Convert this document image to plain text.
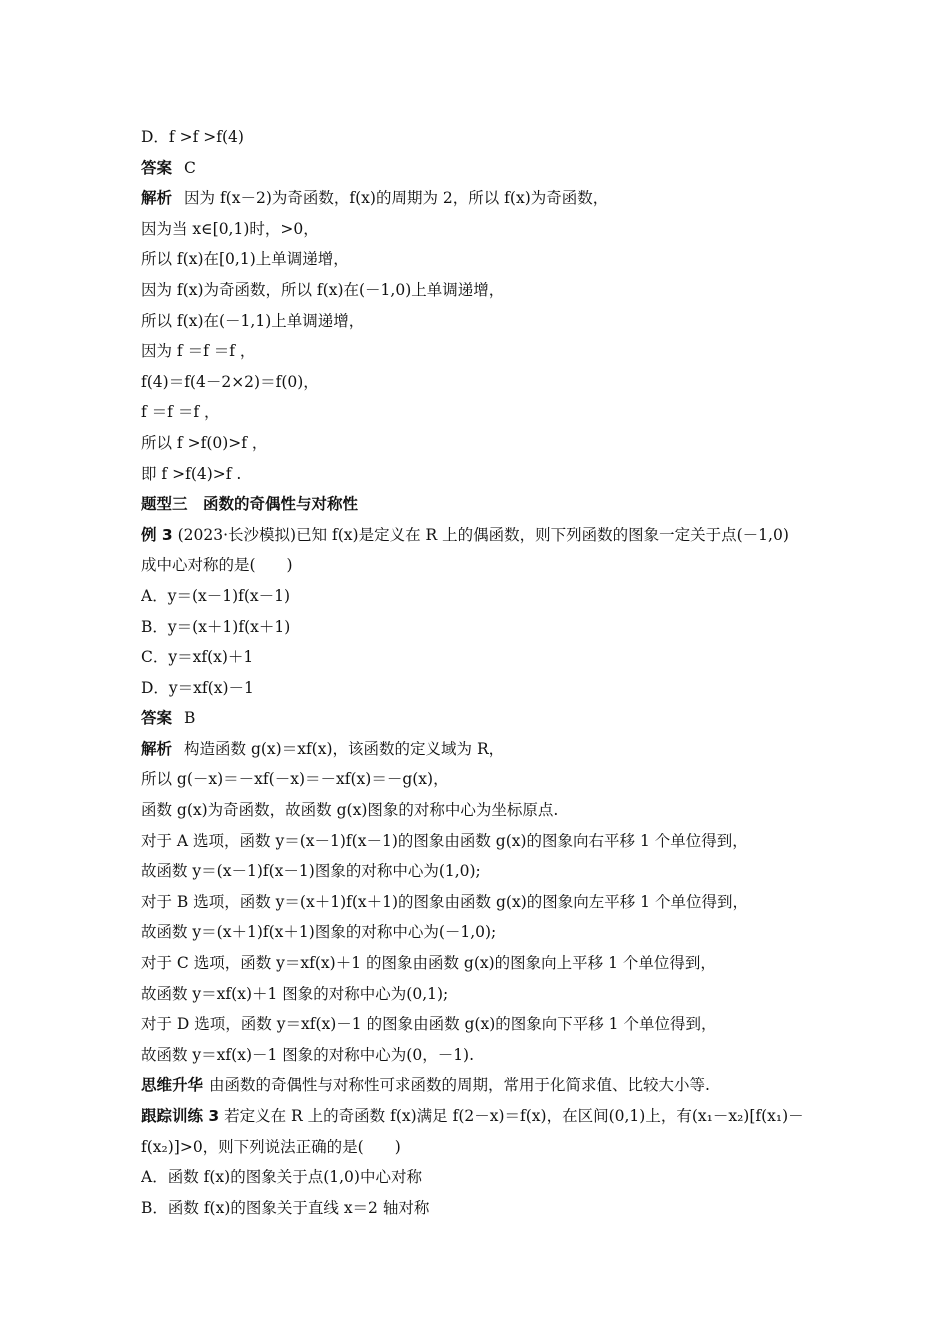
D．f >f >f(4)
答案 C
解析 因为 f(x－2)为奇函数，f(x)的周期为 2，所以 f(x)为奇函数，
因为当 x∈[0,1)时，>0，
所以 f(x)在[0,1)上单调递增，
因为 f(x)为奇函数，所以 f(x)在(－1,0)上单调递增，
所以 f(x)在(－1,1)上单调递增，
因为 f ＝f ＝f ，
f(4)＝f(4－2×2)＝f(0)，
f ＝f ＝f ，
所以 f >f(0)>f ，
即 f >f(4)>f .
题型三　函数的奇偶性与对称性
例 3 (2023·长沙模拟)已知 f(x)是定义在 R 上的偶函数，则下列函数的图象一定关于点(－1,0)
成中心对称的是(　　)
A．y＝(x－1)f(x－1)
B．y＝(x＋1)f(x＋1)
C．y＝xf(x)＋1
D．y＝xf(x)－1
答案 B
解析 构造函数 g(x)＝xf(x)，该函数的定义域为 R，
所以 g(－x)＝－xf(－x)＝－xf(x)＝－g(x)，
函数 g(x)为奇函数，故函数 g(x)图象的对称中心为坐标原点.
对于 A 选项，函数 y＝(x－1)f(x－1)的图象由函数 g(x)的图象向右平移 1 个单位得到，
故函数 y＝(x－1)f(x－1)图象的对称中心为(1,0);
对于 B 选项，函数 y＝(x＋1)f(x＋1)的图象由函数 g(x)的图象向左平移 1 个单位得到，
故函数 y＝(x＋1)f(x＋1)图象的对称中心为(－1,0);
对于 C 选项，函数 y＝xf(x)＋1 的图象由函数 g(x)的图象向上平移 1 个单位得到，
故函数 y＝xf(x)＋1 图象的对称中心为(0,1);
对于 D 选项，函数 y＝xf(x)－1 的图象由函数 g(x)的图象向下平移 1 个单位得到，
故函数 y＝xf(x)－1 图象的对称中心为(0，－1).
思维升华 由函数的奇偶性与对称性可求函数的周期，常用于化简求值、比较大小等.
跟踪训练 3 若定义在 R 上的奇函数 f(x)满足 f(2－x)＝f(x)，在区间(0,1)上，有(x₁－x₂)[f(x₁)－
f(x₂)]>0，则下列说法正确的是(　　)
A．函数 f(x)的图象关于点(1,0)中心对称
B．函数 f(x)的图象关于直线 x＝2 轴对称
